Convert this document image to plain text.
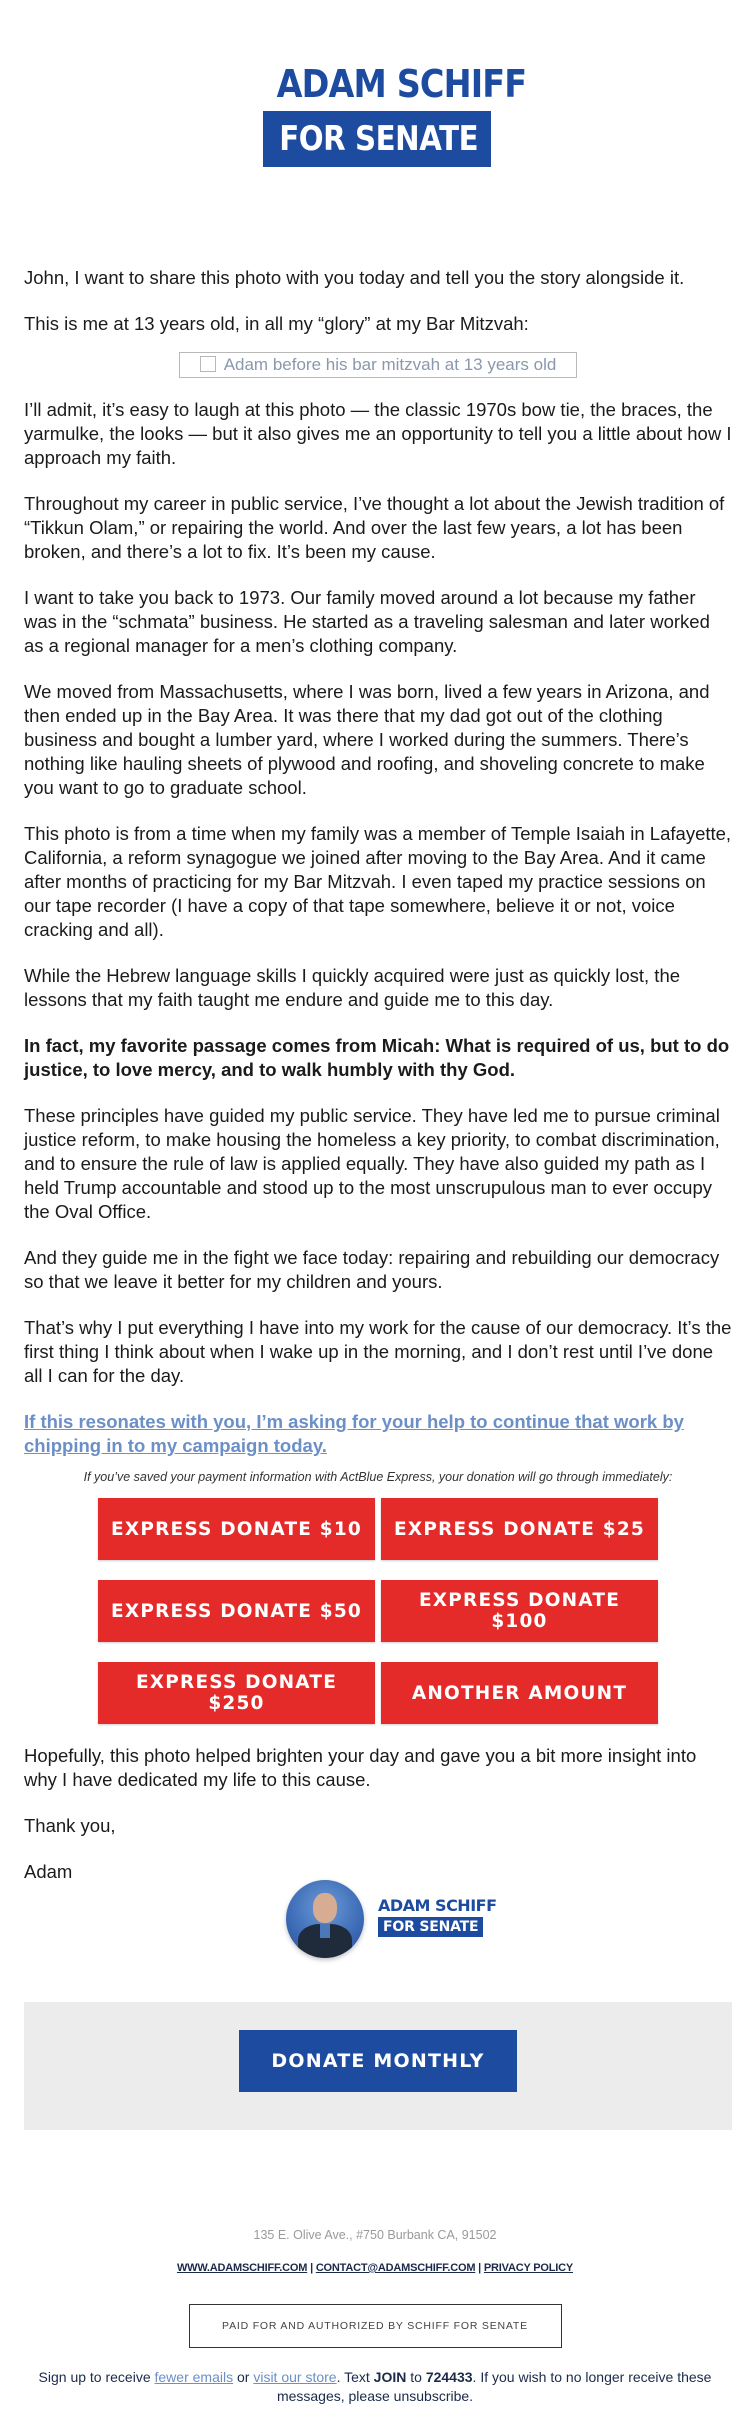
ADAM SCHIFF
FOR SENATE

John, I want to share this photo with you today and tell you the story alongside it.

This is me at 13 years old, in all my “glory” at my Bar Mitzvah:

Adam before his bar mitzvah at 13 years old

I’ll admit, it’s easy to laugh at this photo — the classic 1970s bow tie, the braces, the yarmulke, the looks — but it also gives me an opportunity to tell you a little about how I approach my faith.

Throughout my career in public service, I’ve thought a lot about the Jewish tradition of “Tikkun Olam,” or repairing the world. And over the last few years, a lot has been broken, and there’s a lot to fix. It’s been my cause.

I want to take you back to 1973. Our family moved around a lot because my father was in the “schmata” business. He started as a traveling salesman and later worked as a regional manager for a men’s clothing company.

We moved from Massachusetts, where I was born, lived a few years in Arizona, and then ended up in the Bay Area. It was there that my dad got out of the clothing business and bought a lumber yard, where I worked during the summers. There’s nothing like hauling sheets of plywood and roofing, and shoveling concrete to make you want to go to graduate school.

This photo is from a time when my family was a member of Temple Isaiah in Lafayette, California, a reform synagogue we joined after moving to the Bay Area. And it came after months of practicing for my Bar Mitzvah. I even taped my practice sessions on our tape recorder (I have a copy of that tape somewhere, believe it or not, voice cracking and all).

While the Hebrew language skills I quickly acquired were just as quickly lost, the lessons that my faith taught me endure and guide me to this day.

In fact, my favorite passage comes from Micah: What is required of us, but to do justice, to love mercy, and to walk humbly with thy God.

These principles have guided my public service. They have led me to pursue criminal justice reform, to make housing the homeless a key priority, to combat discrimination, and to ensure the rule of law is applied equally. They have also guided my path as I held Trump accountable and stood up to the most unscrupulous man to ever occupy the Oval Office.

And they guide me in the fight we face today: repairing and rebuilding our democracy so that we leave it better for my children and yours.

That’s why I put everything I have into my work for the cause of our democracy. It’s the first thing I think about when I wake up in the morning, and I don’t rest until I’ve done all I can for the day.

If this resonates with you, I’m asking for your help to continue that work by chipping in to my campaign today.

If you’ve saved your payment information with ActBlue Express, your donation will go through immediately:

EXPRESS DONATE $10	EXPRESS DONATE $25
EXPRESS DONATE $50	EXPRESS DONATE $100
EXPRESS DONATE $250	ANOTHER AMOUNT

Hopefully, this photo helped brighten your day and gave you a bit more insight into why I have dedicated my life to this cause.

Thank you,

Adam

ADAM SCHIFF
FOR SENATE
DONATE MONTHLY

135 E. Olive Ave., #750 Burbank CA, 91502

WWW.ADAMSCHIFF.COM | CONTACT@ADAMSCHIFF.COM | PRIVACY POLICY
PAID FOR AND AUTHORIZED BY SCHIFF FOR SENATE
Sign up to receive fewer emails or visit our store. Text JOIN to 724433. If you wish to no longer receive these messages, please unsubscribe.
